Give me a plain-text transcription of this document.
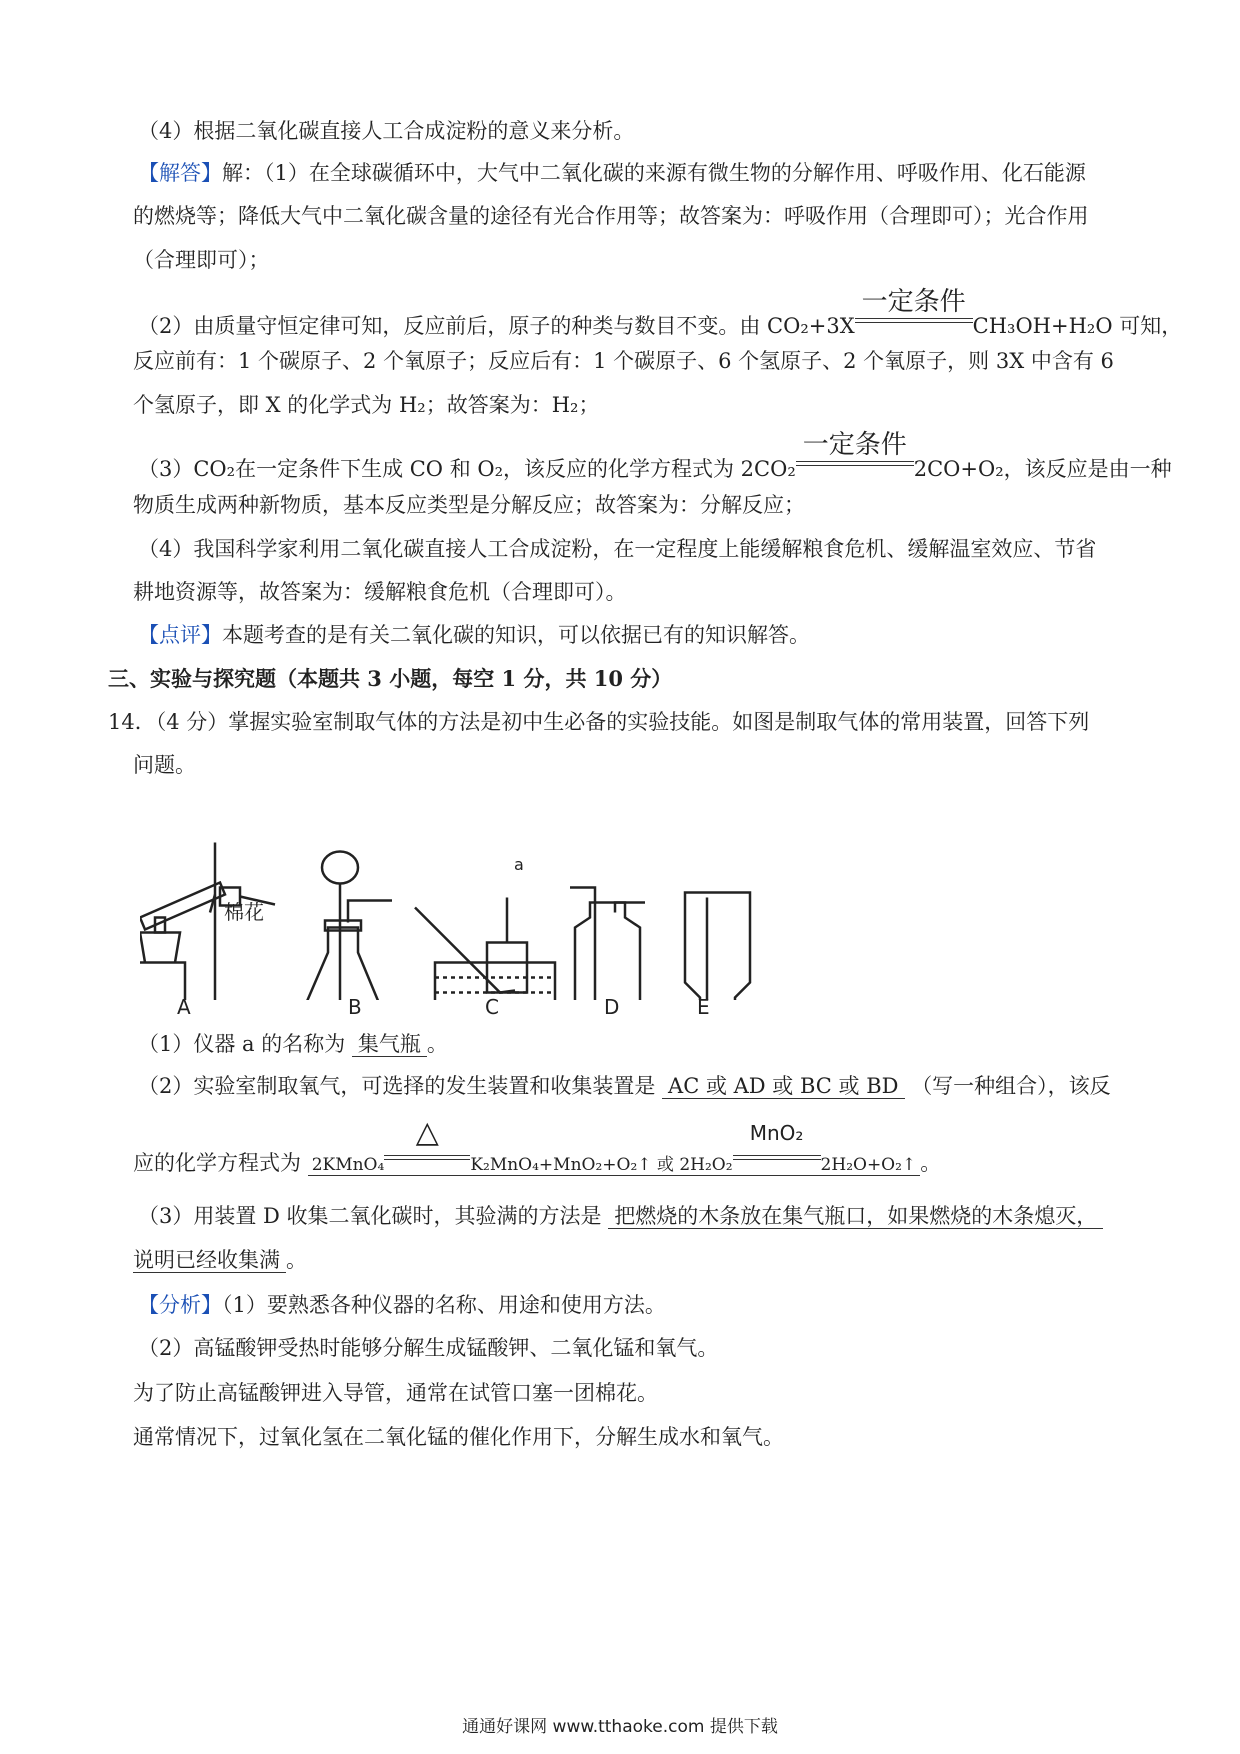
（4）根据二氧化碳直接人工合成淀粉的意义来分析。
【解答】解：（1）在全球碳循环中，大气中二氧化碳的来源有微生物的分解作用、呼吸作用、化石能源
的燃烧等；降低大气中二氧化碳含量的途径有光合作用等；故答案为：呼吸作用（合理即可）；光合作用
（合理即可）；
（2）由质量守恒定律可知，反应前后，原子的种类与数目不变。由 CO₂+3X
一定条件
CH₃OH+H₂O 可知，
反应前有：1 个碳原子、2 个氧原子；反应后有：1 个碳原子、6 个氢原子、2 个氧原子，则 3X 中含有 6
个氢原子，即 X 的化学式为 H₂；故答案为：H₂；
（3）CO₂在一定条件下生成 CO 和 O₂，该反应的化学方程式为 2CO₂
一定条件
2CO+O₂，该反应是由一种
物质生成两种新物质，基本反应类型是分解反应；故答案为：分解反应；
（4）我国科学家利用二氧化碳直接人工合成淀粉，在一定程度上能缓解粮食危机、缓解温室效应、节省
耕地资源等，故答案为：缓解粮食危机（合理即可）。
【点评】本题考查的是有关二氧化碳的知识，可以依据已有的知识解答。
三、实验与探究题（本题共 3 小题，每空 1 分，共 10 分）
14．（4 分）掌握实验室制取气体的方法是初中生必备的实验技能。如图是制取气体的常用装置，回答下列
问题。
棉花
a
A	B	C	D	E
（1）仪器 a 的名称为 集气瓶 。
（2）实验室制取氧气，可选择的发生装置和收集装置是 AC 或 AD 或 BC 或 BD （写一种组合），该反
应的化学方程式为 2KMnO₄
△
K₂MnO₄+MnO₂+O₂↑ 或 2H₂O₂
MnO₂
2H₂O+O₂↑ 。
（3）用装置 D 收集二氧化碳时，其验满的方法是 把燃烧的木条放在集气瓶口，如果燃烧的木条熄灭，
说明已经收集满 。
【分析】（1）要熟悉各种仪器的名称、用途和使用方法。
（2）高锰酸钾受热时能够分解生成锰酸钾、二氧化锰和氧气。
为了防止高锰酸钾进入导管，通常在试管口塞一团棉花。
通常情况下，过氧化氢在二氧化锰的催化作用下，分解生成水和氧气。
通通好课网 www.tthaoke.com 提供下载
